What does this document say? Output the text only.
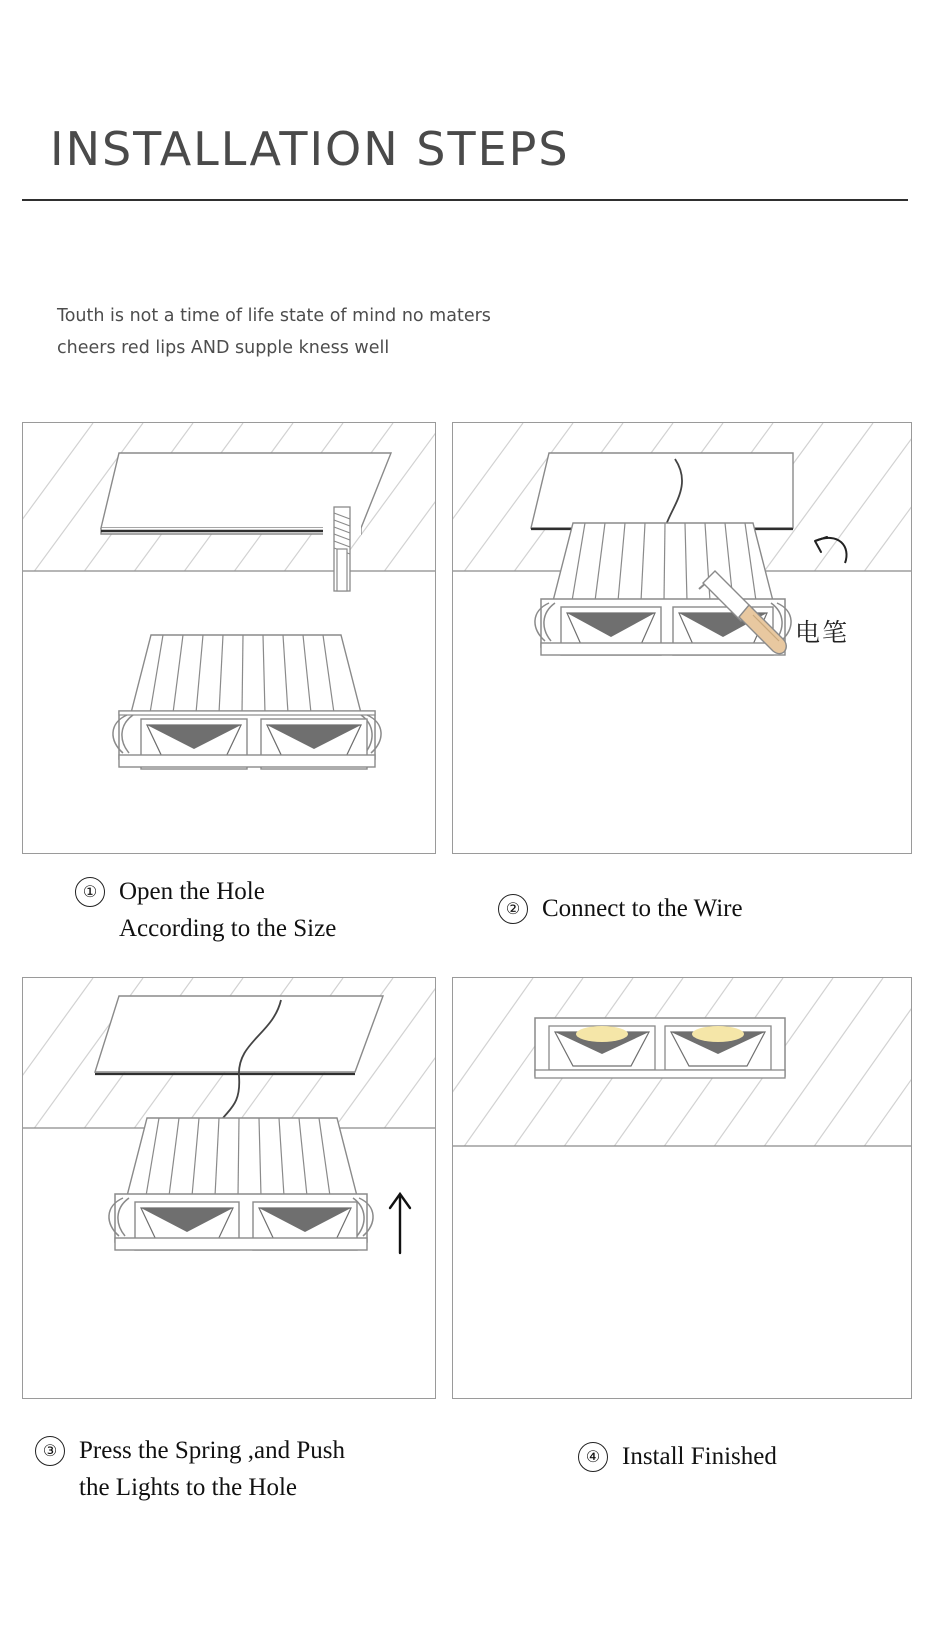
INSTALLATION STEPS
Touth is not a time of life state of mind no maters
cheers red lips AND supple kness well
电笔
① Open the Hole
According to the Size
② Connect to the Wire
③ Press the Spring ,and Push
the Lights to the Hole
④ Install Finished
